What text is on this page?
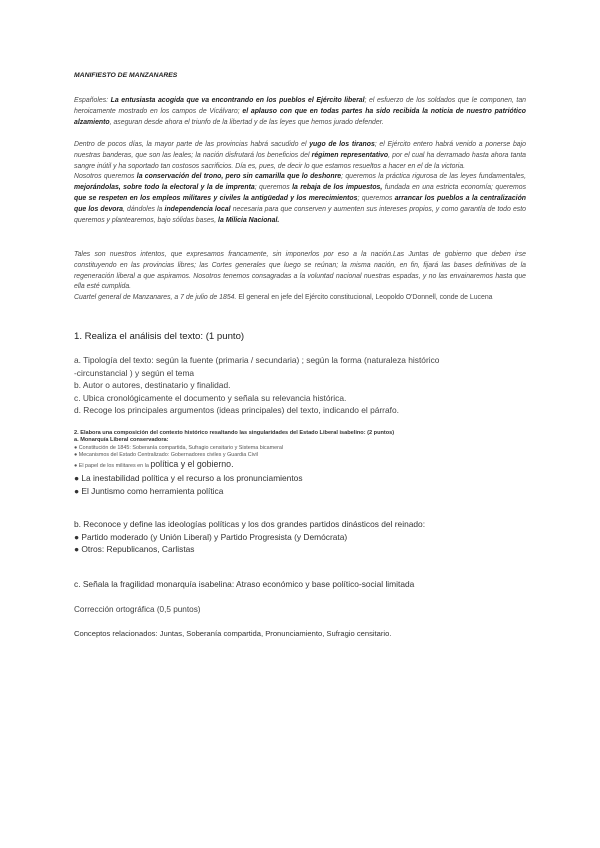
MANIFIESTO DE MANZANARES

Españoles: La entusiasta acogida que va encontrando en los pueblos el Ejército liberal; el esfuerzo de los soldados que le componen, tan heroicamente mostrado en los campos de Vicálvaro; el aplauso con que en todas partes ha sido recibida la noticia de nuestro patriótico alzamiento, aseguran desde ahora el triunfo de la libertad y de las leyes que hemos jurado defender.

Dentro de pocos días, la mayor parte de las provincias habrá sacudido el yugo de los tiranos; el Ejército entero habrá venido a ponerse bajo nuestras banderas, que son las leales; la nación disfrutará los beneficios del régimen representativo, por el cual ha derramado hasta ahora tanta sangre inútil y ha soportado tan costosos sacrificios. Día es, pues, de decir lo que estamos resueltos a hacer en el de la victoria.
Nosotros queremos la conservación del trono, pero sin camarilla que lo deshonre; queremos la práctica rigurosa de las leyes fundamentales, mejorándolas, sobre todo la electoral y la de imprenta; queremos la rebaja de los impuestos, fundada en una estricta economía; queremos que se respeten en los empleos militares y civiles la antigüedad y los merecimientos; queremos arrancar los pueblos a la centralización que los devora, dándoles la independencia local necesaria para que conserven y aumenten sus intereses propios, y como garantía de todo esto queremos y plantearemos, bajo sólidas bases, la Milicia Nacional.

Tales son nuestros intentos, que expresamos francamente, sin imponerlos por eso a la nación.Las Juntas de gobierno que deben irse constituyendo en las provincias libres; las Cortes generales que luego se reúnan; la misma nación, en fin, fijará las bases definitivas de la regeneración liberal a que aspiramos. Nosotros tenemos consagradas a la voluntad nacional nuestras espadas, y no las envainaremos hasta que ella esté cumplida.
Cuartel general de Manzanares, a 7 de julio de 1854. El general en jefe del Ejército constitucional, Leopoldo O'Donnell, conde de Lucena

1. Realiza el análisis del texto: (1 punto)
a. Tipología del texto: según la fuente (primaria / secundaria) ; según la forma (naturaleza histórico
-circunstancial ) y según el tema
b. Autor o autores, destinatario y finalidad.
c. Ubica cronológicamente el documento y señala su relevancia histórica.
d. Recoge los principales argumentos (ideas principales) del texto, indicando el párrafo.
2. Elabora una composición del contexto histórico resaltando las singularidades del Estado Liberal isabelino: (2 puntos)
a. Monarquía Liberal conservadora:
● Constitución de 1845: Soberanía compartida, Sufragio censitario y Sistema bicameral
● Mecanismos del Estado Centralizado: Gobernadores civiles y Guardia Civil
● El papel de los militares en la política y el gobierno.
● La inestabilidad política y el recurso a los pronunciamientos
● El Juntismo como herramienta política
b. Reconoce y define las ideologías políticas y los dos grandes partidos dinásticos del reinado:
● Partido moderado (y Unión Liberal) y Partido Progresista (y Demócrata)
● Otros: Republicanos, Carlistas
c. Señala la fragilidad monarquía isabelina: Atraso económico y base político-social limitada
Corrección ortográfica (0,5 puntos)
Conceptos relacionados: Juntas, Soberanía compartida, Pronunciamiento, Sufragio censitario.
